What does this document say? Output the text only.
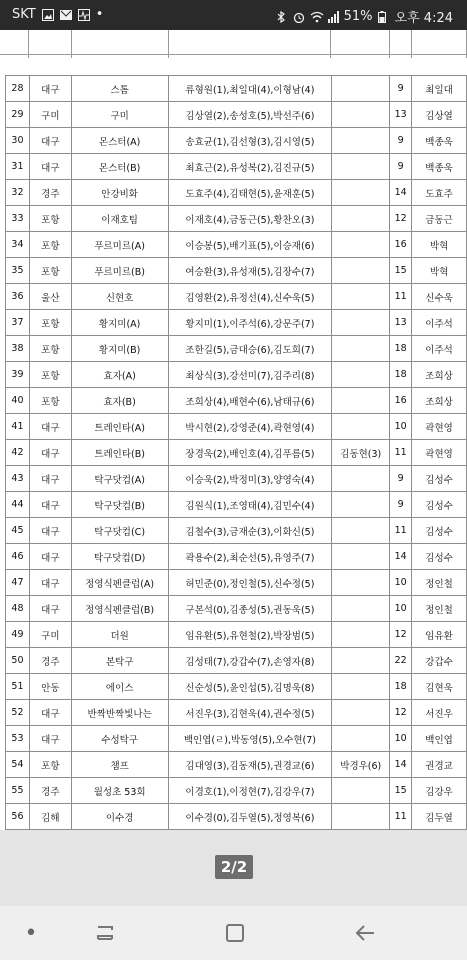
SKT	•	51% 오후 4:24
28	대구	스톰	류형원(1),최일대(4),이형남(4)		9	최일대
29	구미	구미	김상열(2),송성호(5),박선주(6)		13	김상열
30	대구	몬스터(A)	송효균(1),김선형(3),김시영(5)		9	백종욱
31	대구	몬스터(B)	최효근(2),유성복(2),김진규(5)		9	백종욱
32	경주	안강비화	도효주(4),김태현(5),윤재훈(5)		14	도효주
33	포항	이재호팀	이재호(4),금동근(5),황찬오(3)		12	금동근
34	포항	푸르미르(A)	이승봉(5),배기표(5),이승재(6)		16	박혁
35	포항	푸르미르(B)	여승환(3),유성재(5),김장수(7)		15	박혁
36	울산	신현호	김영환(2),유정선(4),신수욱(5)		11	신수욱
37	포항	황지미(A)	황지미(1),이주석(6),강문주(7)		13	이주석
38	포항	황지미(B)	조한길(5),금대승(6),김도희(7)		18	이주석
39	포항	효자(A)	최상식(3),강선미(7),김주리(8)		18	조희상
40	포항	효자(B)	조희상(4),배현수(6),남태규(6)		16	조희상
41	대구	트레인타(A)	박시현(2),강영준(4),곽현영(4)		10	곽현영
42	대구	트레인타(B)	장경욱(2),배인호(4),김푸름(5)	김동현(3)	11	곽현영
43	대구	탁구닷컴(A)	이승욱(2),박정미(3),양영숙(4)		9	김성수
44	대구	탁구닷컴(B)	김원식(1),조영태(4),김민수(4)		9	김성수
45	대구	탁구닷컴(C)	김철수(3),금재순(3),이화신(5)		11	김성수
46	대구	탁구닷컴(D)	곽용수(2),최순선(5),유영주(7)		14	김성수
47	대구	정영식펜클럽(A)	허민준(0),정인철(5),신수정(5)		10	정인철
48	대구	정영식펜클럽(B)	구본석(0),김종성(5),권동욱(5)		10	정인철
49	구미	더원	임유환(5),유현철(2),박장범(5)		12	임유환
50	경주	본탁구	김성태(7),강갑수(7),손영자(8)		22	강갑수
51	안동	에이스	신순성(5),윤인섭(5),김명욱(8)		18	김현욱
52	대구	반짝반짝빛나는	서진우(3),김현욱(4),권수정(5)		12	서진우
53	대구	수성탁구	백인엽(ㄹ),박동영(5),오수현(7)		10	백인엽
54	포항	챔프	김대영(3),김동재(5),권경교(6)	박경우(6)	14	권경교
55	경주	월성초 53회	이경호(1),이정현(7),김강우(7)		15	김강우
56	김해	이수경	이수경(0),김두열(5),정영복(6)		11	김두열
2/2
•
